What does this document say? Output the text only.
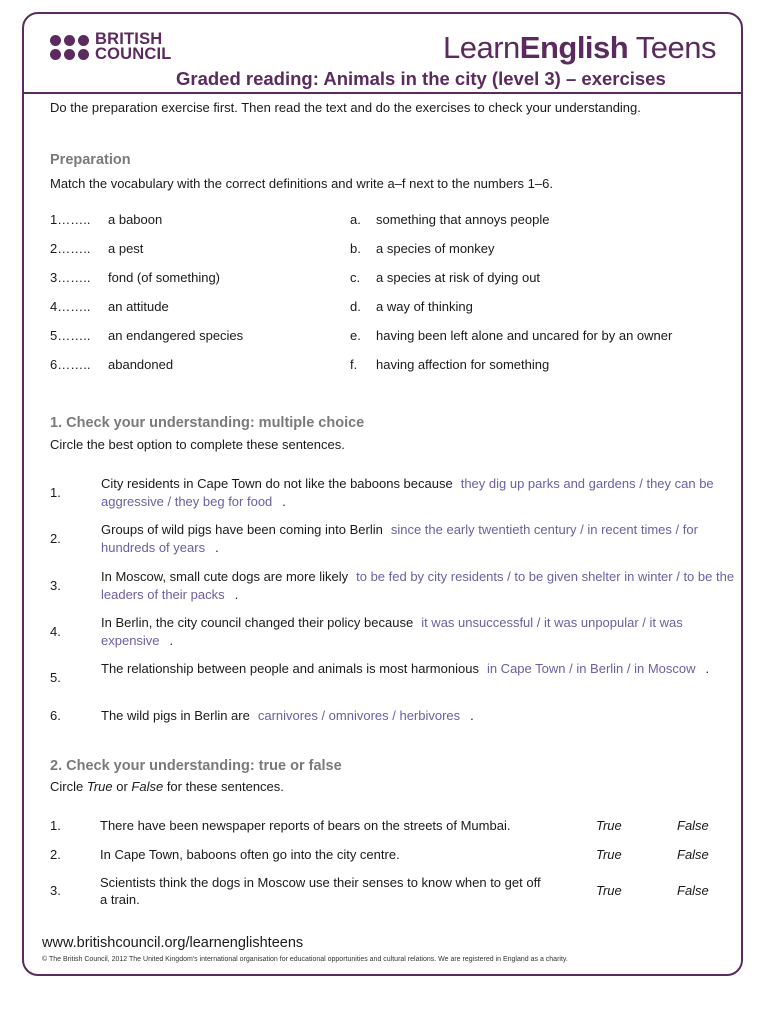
BRITISH
COUNCIL	LearnEnglish Teens
Graded reading: Animals in the city (level 3) – exercises
Do the preparation exercise first. Then read the text and do the exercises to check your understanding.
Preparation
Match the vocabulary with the correct definitions and write a–f next to the numbers 1–6.
1…….. a baboon	a. something that annoys people
2…….. a pest	b. a species of monkey
3…….. fond (of something)	c. a species at risk of dying out
4…….. an attitude	d. a way of thinking
5…….. an endangered species	e. having been left alone and uncared for by an owner
6…….. abandoned	f. having affection for something
1. Check your understanding: multiple choice
Circle the best option to complete these sentences.
1.
City residents in Cape Town do not like the baboons because they dig up parks and gardens / they can be aggressive / they beg for food .
2.
Groups of wild pigs have been coming into Berlin since the early twentieth century / in recent times / for hundreds of years .
3.
In Moscow, small cute dogs are more likely to be fed by city residents / to be given shelter in winter / to be the leaders of their packs .
4.
In Berlin, the city council changed their policy because it was unsuccessful / it was unpopular / it was expensive .
5.
The relationship between people and animals is most harmonious in Cape Town / in Berlin / in Moscow .
6.	The wild pigs in Berlin are carnivores / omnivores / herbivores .
2. Check your understanding: true or false
Circle True or False for these sentences.
1.	There have been newspaper reports of bears on the streets of Mumbai.	True	False
2.	In Cape Town, baboons often go into the city centre.	True	False
3.
Scientists think the dogs in Moscow use their senses to know when to get off a train.
True	False
www.britishcouncil.org/learnenglishteens
© The British Council, 2012 The United Kingdom's international organisation for educational opportunities and cultural relations. We are registered in England as a charity.
